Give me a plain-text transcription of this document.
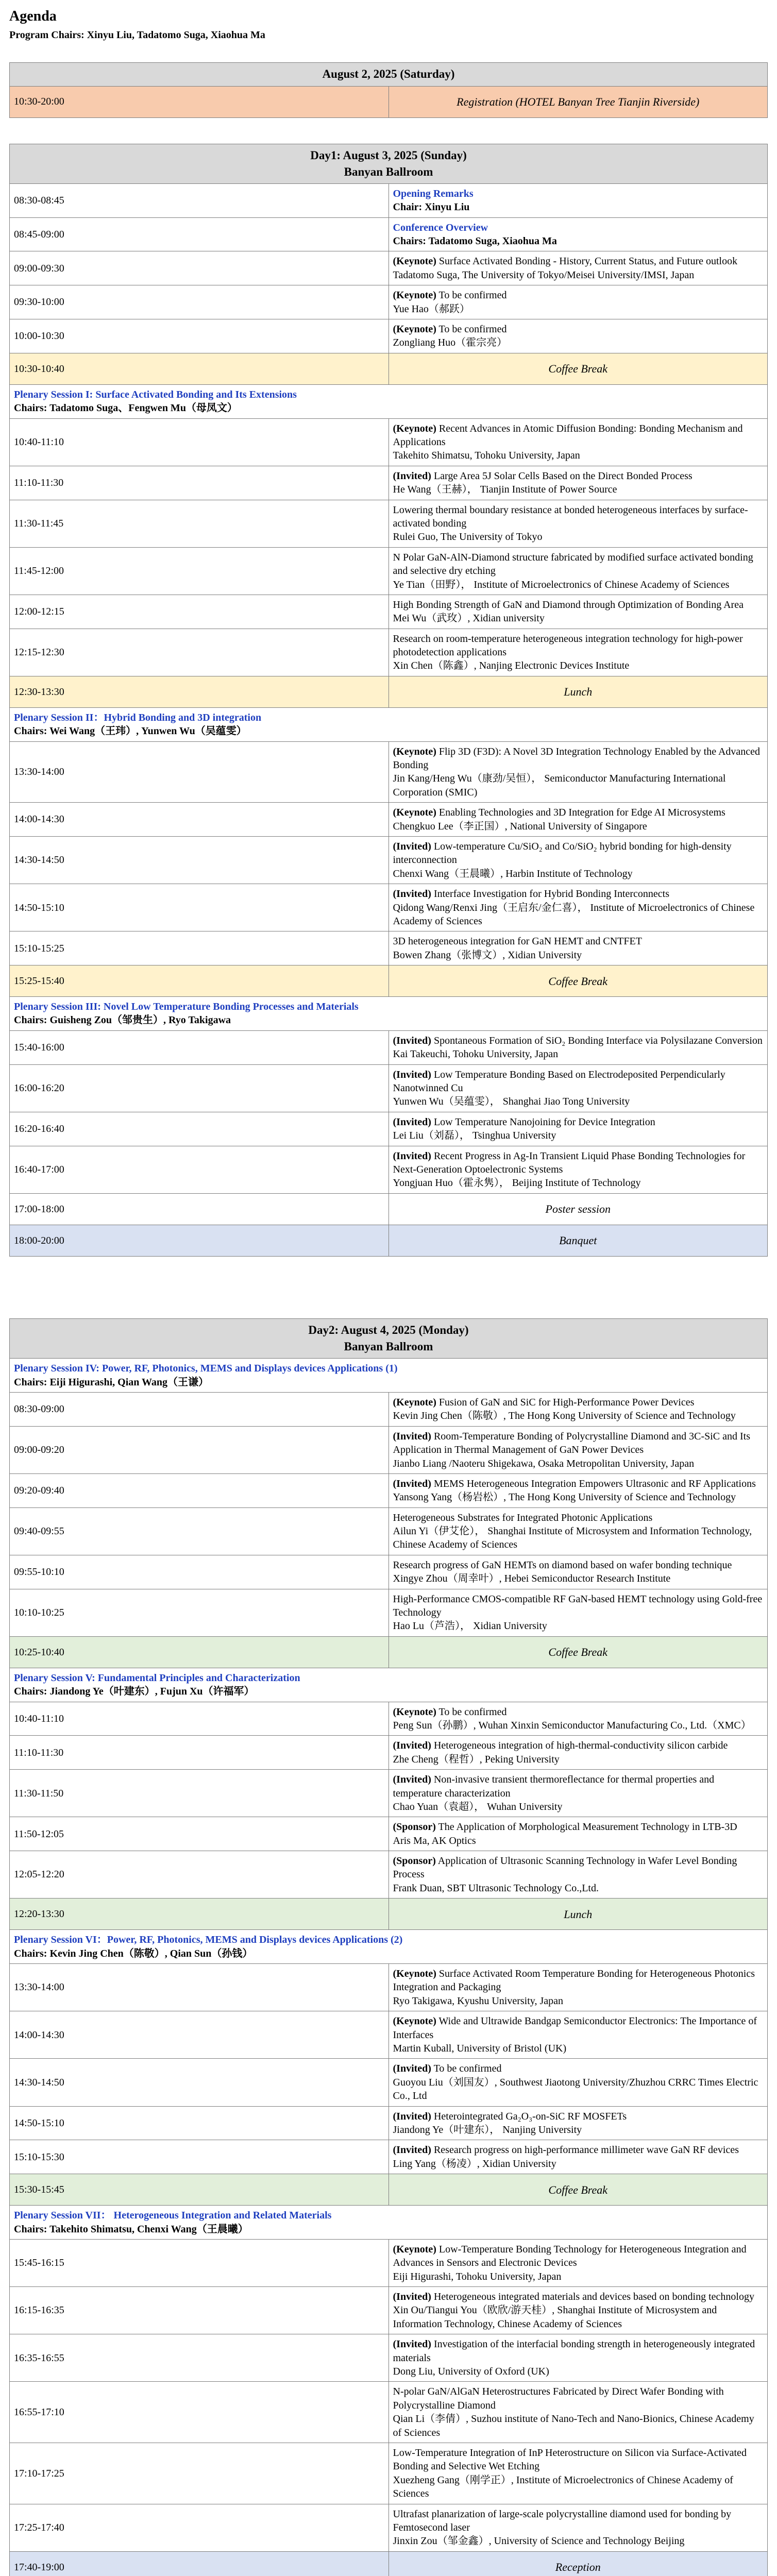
Agenda
Program Chairs: Xinyu Liu, Tadatomo Suga, Xiaohua Ma
August 2, 2025 (Saturday)
10:30-20:00	Registration (HOTEL Banyan Tree Tianjin Riverside)
Day1: August 3, 2025 (Sunday)
Banyan Ballroom	

08:30-08:45	Opening Remarks
Chair: Xinyu Liu

08:45-09:00	Conference Overview
Chairs: Tadatomo Suga, Xiaohua Ma

09:00-09:30	(Keynote) Surface Activated Bonding - History, Current Status, and Future outlook
Tadatomo Suga, The University of Tokyo/Meisei University/IMSI, Japan

09:30-10:00	(Keynote) To be confirmed
Yue Hao（郝跃）

10:00-10:30	(Keynote) To be confirmed
Zongliang Huo（霍宗亮）

10:30-10:40	Coffee Break

Plenary Session I: Surface Activated Bonding and Its Extensions
Chairs: Tadatomo Suga、Fengwen Mu（母凤文）	

10:40-11:10	(Keynote) Recent Advances in Atomic Diffusion Bonding: Bonding Mechanism and Applications
Takehito Shimatsu, Tohoku University, Japan

11:10-11:30	(Invited) Large Area 5J Solar Cells Based on the Direct Bonded Process
He Wang（王赫）， Tianjin Institute of Power Source

11:30-11:45	Lowering thermal boundary resistance at bonded heterogeneous interfaces by surface-activated bonding
Rulei Guo, The University of Tokyo

11:45-12:00	N Polar GaN-AlN-Diamond structure fabricated by modified surface activated bonding and selective dry etching
Ye Tian（田野）， Institute of Microelectronics of Chinese Academy of Sciences

12:00-12:15	High Bonding Strength of GaN and Diamond through Optimization of Bonding Area
Mei Wu（武玫）, Xidian university

12:15-12:30	Research on room-temperature heterogeneous integration technology for high-power photodetection applications
Xin Chen（陈鑫）, Nanjing Electronic Devices Institute

12:30-13:30	Lunch

Plenary Session II：Hybrid Bonding and 3D integration
Chairs: Wei Wang（王玮）, Yunwen Wu（吴蕴雯）	

13:30-14:00	(Keynote) Flip 3D (F3D): A Novel 3D Integration Technology Enabled by the Advanced Bonding
Jin Kang/Heng Wu（康劲/吴恒）， Semiconductor Manufacturing International Corporation (SMIC)

14:00-14:30	(Keynote) Enabling Technologies and 3D Integration for Edge AI Microsystems
Chengkuo Lee（李正国）, National University of Singapore

14:30-14:50	(Invited) Low-temperature Cu/SiO₂ and Co/SiO₂ hybrid bonding for high-density interconnection
Chenxi Wang（王晨曦）, Harbin Institute of Technology

14:50-15:10	(Invited) Interface Investigation for Hybrid Bonding Interconnects
Qidong Wang/Renxi Jing（王启东/金仁喜）， Institute of Microelectronics of Chinese Academy of Sciences

15:10-15:25	3D heterogeneous integration for GaN HEMT and CNTFET
Bowen Zhang（张博文）, Xidian University

15:25-15:40	Coffee Break

Plenary Session III: Novel Low Temperature Bonding Processes and Materials
Chairs: Guisheng Zou（邹贵生）, Ryo Takigawa	

15:40-16:00	(Invited) Spontaneous Formation of SiO₂ Bonding Interface via Polysilazane Conversion
Kai Takeuchi, Tohoku University, Japan

16:00-16:20	(Invited) Low Temperature Bonding Based on Electrodeposited Perpendicularly Nanotwinned Cu
Yunwen Wu（吴蕴雯）， Shanghai Jiao Tong University

16:20-16:40	(Invited) Low Temperature Nanojoining for Device Integration
Lei Liu（刘磊）， Tsinghua University

16:40-17:00	(Invited) Recent Progress in Ag-In Transient Liquid Phase Bonding Technologies for Next-Generation Optoelectronic Systems
Yongjuan Huo（霍永隽）， Beijing Institute of Technology

17:00-18:00	Poster session
18:00-20:00	Banquet
Day2: August 4, 2025 (Monday)
Banyan Ballroom	

Plenary Session IV: Power, RF, Photonics, MEMS and Displays devices Applications (1)
Chairs: Eiji Higurashi, Qian Wang（王谦）	

08:30-09:00	(Keynote) Fusion of GaN and SiC for High-Performance Power Devices
Kevin Jing Chen（陈敬）, The Hong Kong University of Science and Technology

09:00-09:20	(Invited) Room-Temperature Bonding of Polycrystalline Diamond and 3C-SiC and Its Application in Thermal Management of GaN Power Devices
Jianbo Liang /Naoteru Shigekawa, Osaka Metropolitan University, Japan

09:20-09:40	(Invited) MEMS Heterogeneous Integration Empowers Ultrasonic and RF Applications
Yansong Yang（杨岩松）, The Hong Kong University of Science and Technology

09:40-09:55	Heterogeneous Substrates for Integrated Photonic Applications
Ailun Yi（伊艾伦）， Shanghai Institute of Microsystem and Information Technology, Chinese Academy of Sciences

09:55-10:10	Research progress of GaN HEMTs on diamond based on wafer bonding technique
Xingye Zhou（周幸叶）, Hebei Semiconductor Research Institute

10:10-10:25	High-Performance CMOS-compatible RF GaN-based HEMT technology using Gold-free Technology
Hao Lu（芦浩）， Xidian University

10:25-10:40	Coffee Break

Plenary Session V: Fundamental Principles and Characterization
Chairs: Jiandong Ye（叶建东）, Fujun Xu（许福军）	

10:40-11:10	(Keynote) To be confirmed
Peng Sun（孙鹏）, Wuhan Xinxin Semiconductor Manufacturing Co., Ltd.（XMC）

11:10-11:30	(Invited) Heterogeneous integration of high-thermal-conductivity silicon carbide
Zhe Cheng（程哲）, Peking University

11:30-11:50	(Invited) Non-invasive transient thermoreflectance for thermal properties and temperature characterization
Chao Yuan（袁超）， Wuhan University

11:50-12:05	(Sponsor) The Application of Morphological Measurement Technology in LTB-3D
Aris Ma, AK Optics

12:05-12:20	(Sponsor) Application of Ultrasonic Scanning Technology in Wafer Level Bonding Process
Frank Duan, SBT Ultrasonic Technology Co.,Ltd.

12:20-13:30	Lunch

Plenary Session VI：Power, RF, Photonics, MEMS and Displays devices Applications (2)
Chairs: Kevin Jing Chen（陈敬）, Qian Sun（孙钱）	

13:30-14:00	(Keynote) Surface Activated Room Temperature Bonding for Heterogeneous Photonics Integration and Packaging
Ryo Takigawa, Kyushu University, Japan

14:00-14:30	(Keynote) Wide and Ultrawide Bandgap Semiconductor Electronics: The Importance of Interfaces
Martin Kuball, University of Bristol (UK)

14:30-14:50	(Invited) To be confirmed
Guoyou Liu（刘国友）, Southwest Jiaotong University/Zhuzhou CRRC Times Electric Co., Ltd

14:50-15:10	(Invited) Heterointegrated Ga₂O₃-on-SiC RF MOSFETs
Jiandong Ye（叶建东）， Nanjing University

15:10-15:30	(Invited) Research progress on high-performance millimeter wave GaN RF devices
Ling Yang（杨凌）, Xidian University

15:30-15:45	Coffee Break

Plenary Session VII： Heterogeneous Integration and Related Materials
Chairs: Takehito Shimatsu, Chenxi Wang（王晨曦）	

15:45-16:15	(Keynote) Low-Temperature Bonding Technology for Heterogeneous Integration and Advances in Sensors and Electronic Devices
Eiji Higurashi, Tohoku University, Japan

16:15-16:35	(Invited) Heterogeneous integrated materials and devices based on bonding technology
Xin Ou/Tiangui You（欧欣/游天桂）, Shanghai Institute of Microsystem and Information Technology, Chinese Academy of Sciences

16:35-16:55	(Invited) Investigation of the interfacial bonding strength in heterogeneously integrated materials
Dong Liu, University of Oxford (UK)

16:55-17:10	N-polar GaN/AlGaN Heterostructures Fabricated by Direct Wafer Bonding with Polycrystalline Diamond
Qian Li（李倩）, Suzhou institute of Nano-Tech and Nano-Bionics, Chinese Academy of Sciences

17:10-17:25	Low-Temperature Integration of InP Heterostructure on Silicon via Surface-Activated Bonding and Selective Wet Etching
Xuezheng Gang（刚学正）, Institute of Microelectronics of Chinese Academy of Sciences

17:25-17:40	Ultrafast planarization of large-scale polycrystalline diamond used for bonding by Femtosecond laser
Jinxin Zou（邹金鑫）, University of Science and Technology Beijing

17:40-19:00	Reception
